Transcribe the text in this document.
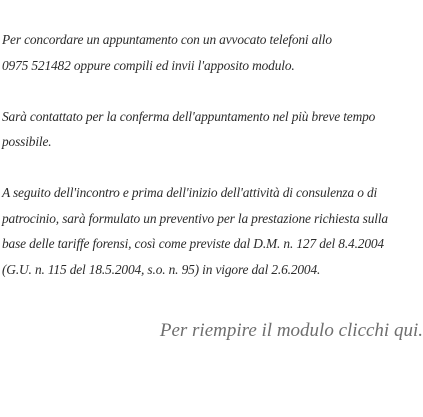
Per concordare un appuntamento con un avvocato telefoni allo
0975 521482 oppure compili ed invii l'apposito modulo.

Sarà contattato per la conferma dell'appuntamento nel più breve tempo
possibile.

A seguito dell'incontro e prima dell'inizio dell'attività di consulenza o di
patrocinio, sarà formulato un preventivo per la prestazione richiesta sulla
base delle tariffe forensi, così come previste dal D.M. n. 127 del 8.4.2004
(G.U. n. 115 del 18.5.2004, s.o. n. 95) in vigore dal 2.6.2004.

Per riempire il modulo clicchi qui.
